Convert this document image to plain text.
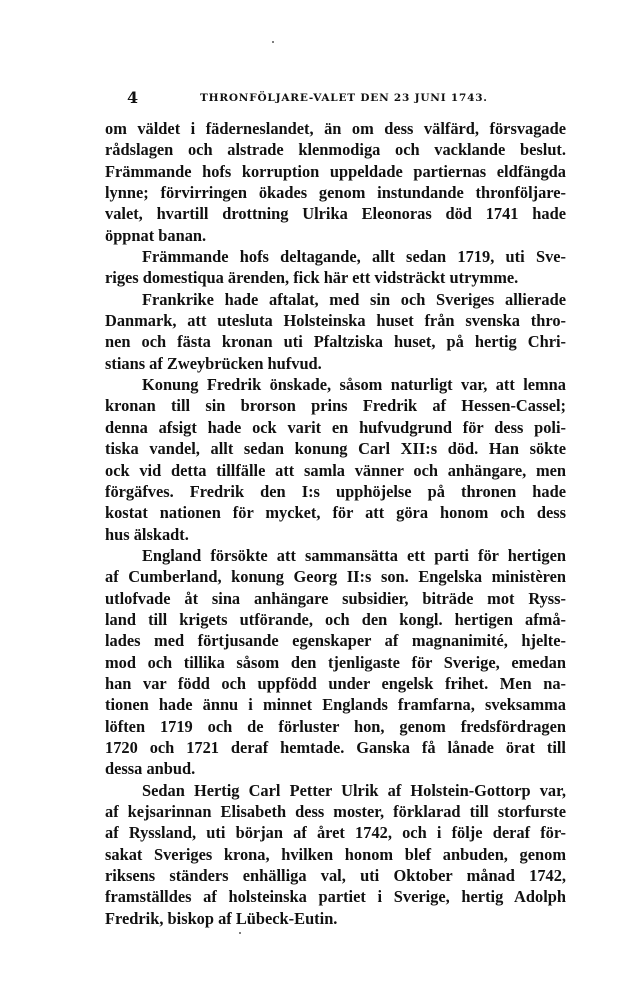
4	THRONFÖLJARE-VALET DEN 23 JUNI 1743.
om väldet i fäderneslandet, än om dess välfärd, försvagade
rådslagen och alstrade klenmodiga och vacklande beslut.
Främmande hofs korruption uppeldade partiernas eldfängda
lynne; förvirringen ökades genom instundande thronföljare-
valet, hvartill drottning Ulrika Eleonoras död 1741 hade
öppnat banan.
Främmande hofs deltagande, allt sedan 1719, uti Sve-
riges domestiqua ärenden, fick här ett vidsträckt utrymme.
Frankrike hade aftalat, med sin och Sveriges allierade
Danmark, att utesluta Holsteinska huset från svenska thro-
nen och fästa kronan uti Pfaltziska huset, på hertig Chri-
stians af Zweybrücken hufvud.
Konung Fredrik önskade, såsom naturligt var, att lemna
kronan till sin brorson prins Fredrik af Hessen-Cassel;
denna afsigt hade ock varit en hufvudgrund för dess poli-
tiska vandel, allt sedan konung Carl XII:s död. Han sökte
ock vid detta tillfälle att samla vänner och anhängare, men
förgäfves. Fredrik den I:s upphöjelse på thronen hade
kostat nationen för mycket, för att göra honom och dess
hus älskadt.
England försökte att sammansätta ett parti för hertigen
af Cumberland, konung Georg II:s son. Engelska ministèren
utlofvade åt sina anhängare subsidier, biträde mot Ryss-
land till krigets utförande, och den kongl. hertigen afmå-
lades med förtjusande egenskaper af magnanimité, hjelte-
mod och tillika såsom den tjenligaste för Sverige, emedan
han var född och uppfödd under engelsk frihet. Men na-
tionen hade ännu i minnet Englands framfarna, sveksamma
löften 1719 och de förluster hon, genom fredsfördragen
1720 och 1721 deraf hemtade. Ganska få lånade örat till
dessa anbud.
Sedan Hertig Carl Petter Ulrik af Holstein-Gottorp var,
af kejsarinnan Elisabeth dess moster, förklarad till storfurste
af Ryssland, uti början af året 1742, och i följe deraf för-
sakat Sveriges krona, hvilken honom blef anbuden, genom
riksens ständers enhälliga val, uti Oktober månad 1742,
framställdes af holsteinska partiet i Sverige, hertig Adolph
Fredrik, biskop af Lübeck-Eutin.
